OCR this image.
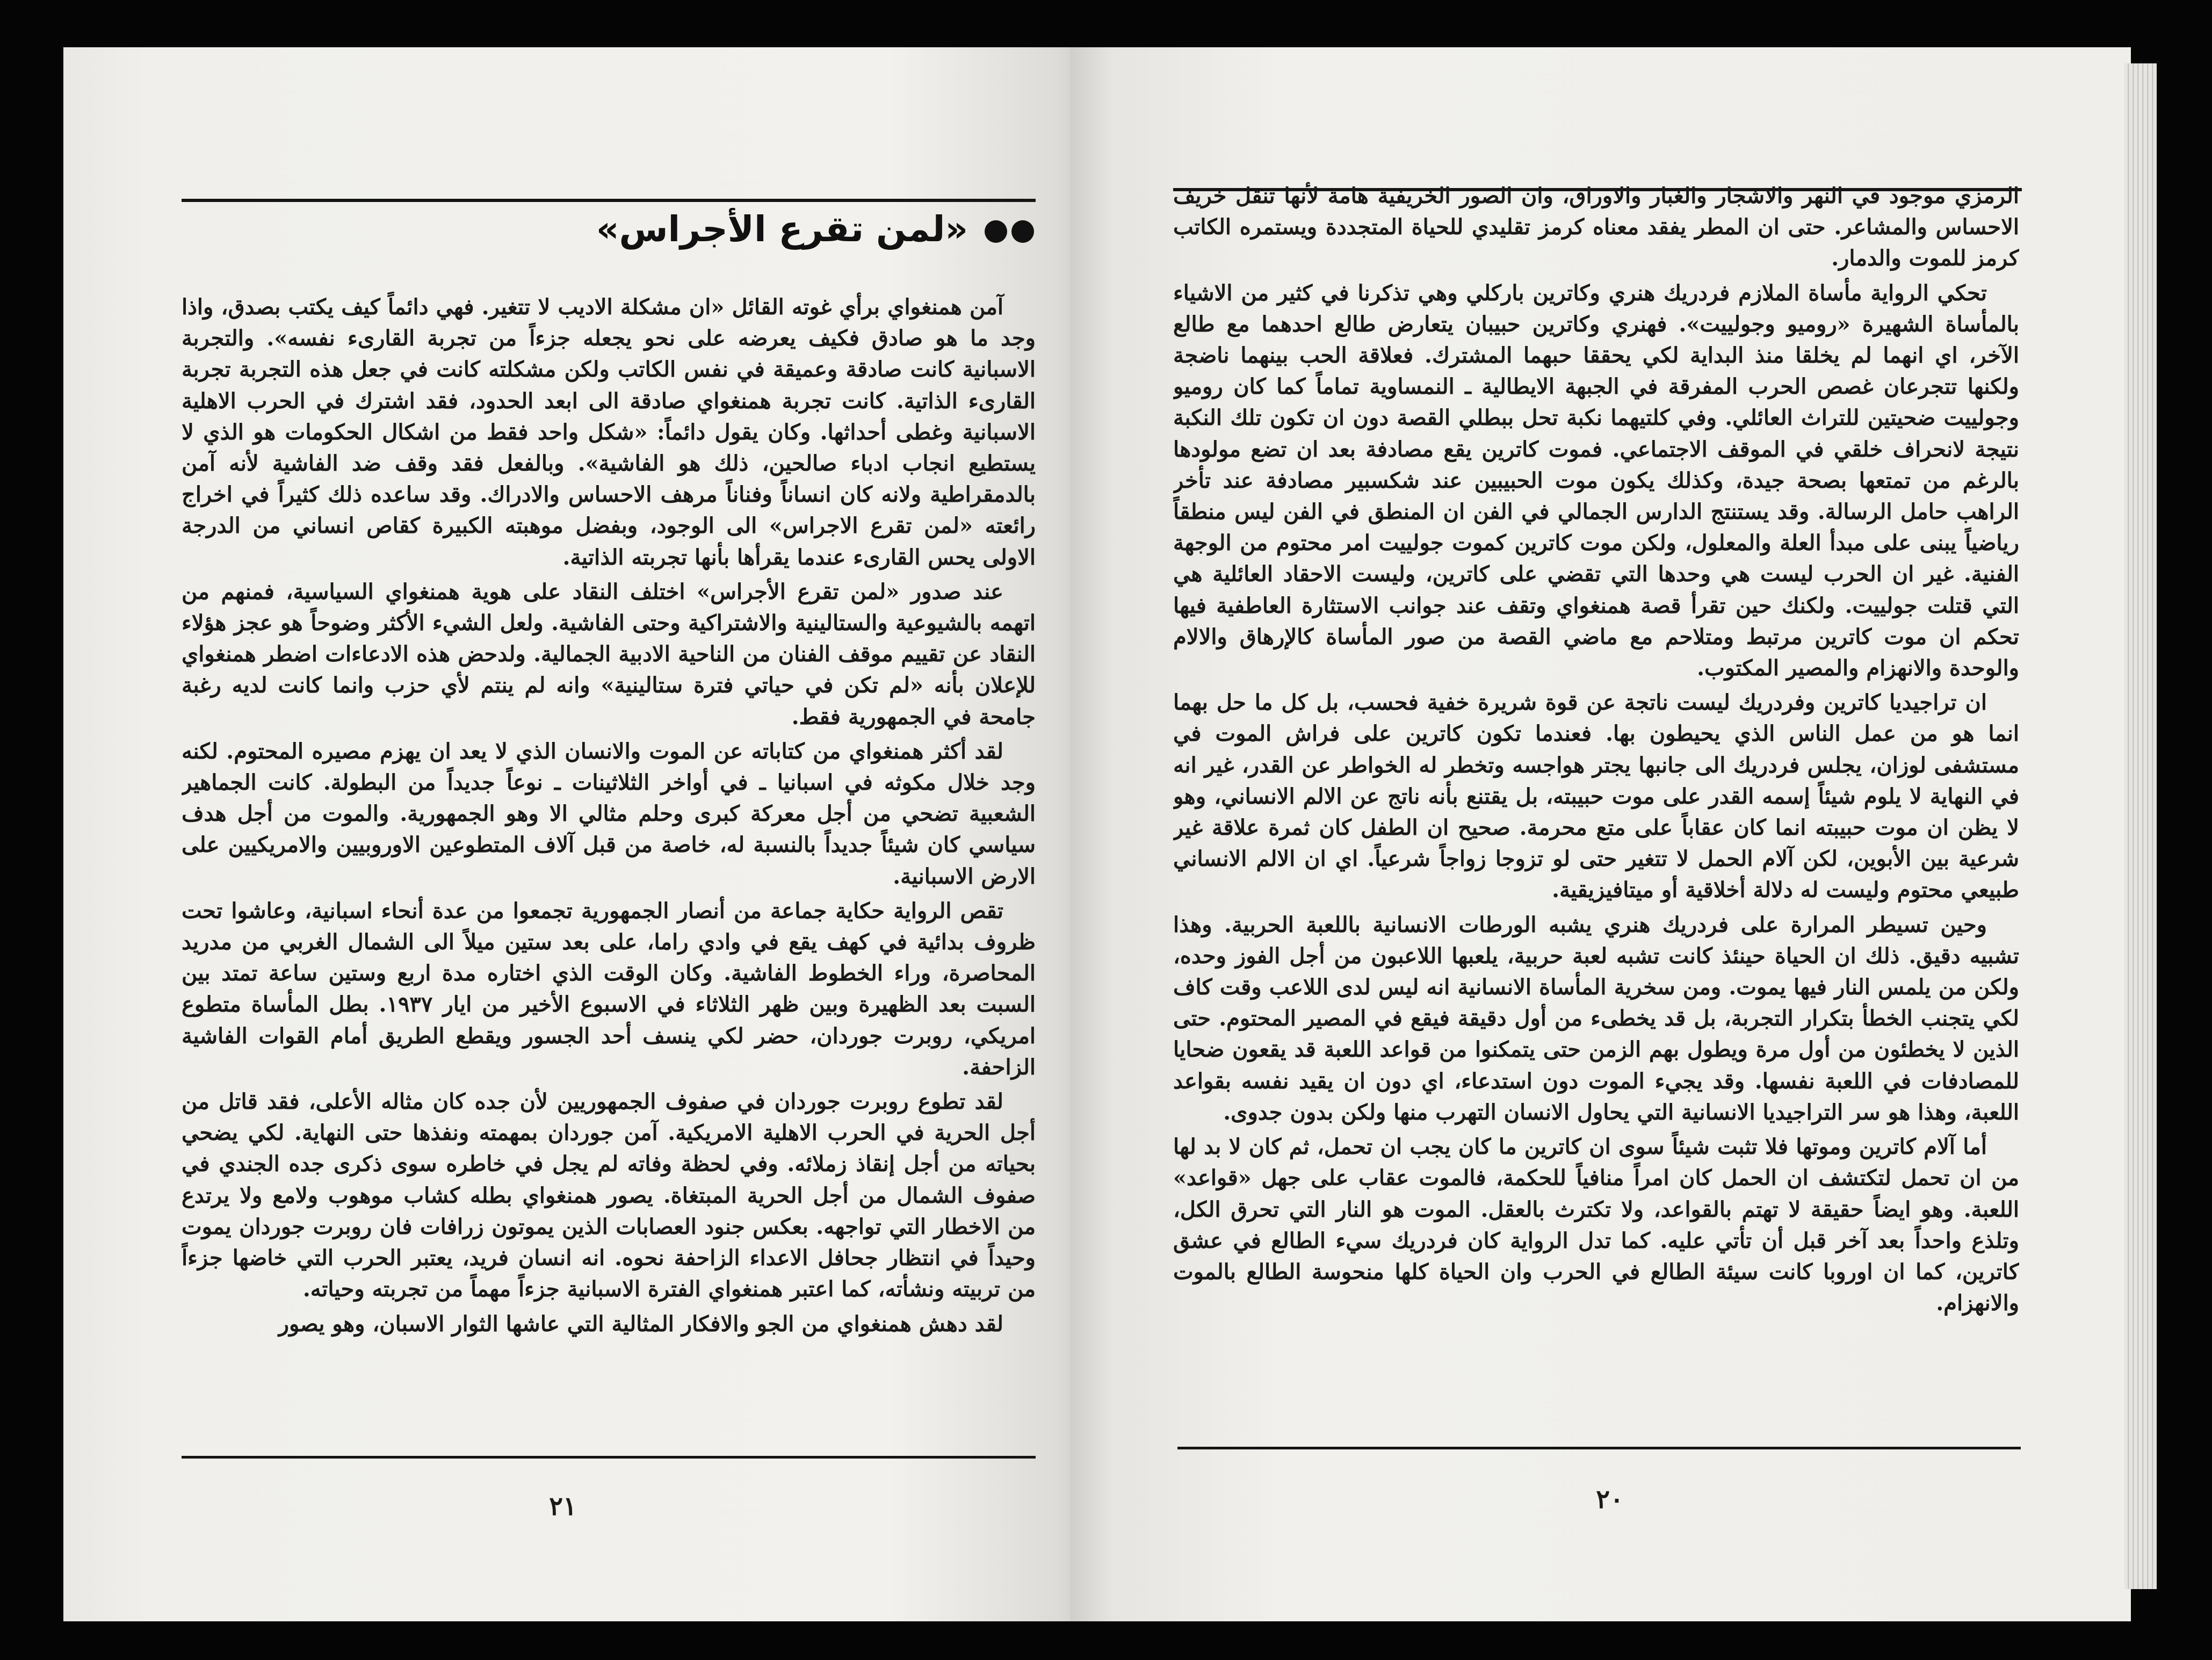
«لمن تقرع الأجراس»

آمن همنغواي برأي غوته القائل «ان مشكلة الاديب لا تتغير. فهي دائماً كيف يكتب بصدق، واذا وجد ما هو صادق فكيف يعرضه على نحو يجعله جزءاً من تجربة القارىء نفسه». والتجربة الاسبانية كانت صادقة وعميقة في نفس الكاتب ولكن مشكلته كانت في جعل هذه التجربة تجربة القارىء الذاتية. كانت تجربة همنغواي صادقة الى ابعد الحدود، فقد اشترك في الحرب الاهلية الاسبانية وغطى أحداثها. وكان يقول دائماً: «شكل واحد فقط من اشكال الحكومات هو الذي لا يستطيع انجاب ادباء صالحين، ذلك هو الفاشية». وبالفعل فقد وقف ضد الفاشية لأنه آمن بالدمقراطية ولانه كان انساناً وفناناً مرهف الاحساس والادراك. وقد ساعده ذلك كثيراً في اخراج رائعته «لمن تقرع الاجراس» الى الوجود، وبفضل موهبته الكبيرة كقاص انساني من الدرجة الاولى يحس القارىء عندما يقرأها بأنها تجربته الذاتية.

عند صدور «لمن تقرع الأجراس» اختلف النقاد على هوية همنغواي السياسية، فمنهم من اتهمه بالشيوعية والستالينية والاشتراكية وحتى الفاشية. ولعل الشيء الأكثر وضوحاً هو عجز هؤلاء النقاد عن تقييم موقف الفنان من الناحية الادبية الجمالية. ولدحض هذه الادعاءات اضطر همنغواي للإعلان بأنه «لم تكن في حياتي فترة ستالينية» وانه لم ينتم لأي حزب وانما كانت لديه رغبة جامحة في الجمهورية فقط.

لقد أكثر همنغواي من كتاباته عن الموت والانسان الذي لا يعد ان يهزم مصيره المحتوم. لكنه وجد خلال مكوثه في اسبانيا ـ في أواخر الثلاثينات ـ نوعاً جديداً من البطولة. كانت الجماهير الشعبية تضحي من أجل معركة كبرى وحلم مثالي الا وهو الجمهورية. والموت من أجل هدف سياسي كان شيئاً جديداً بالنسبة له، خاصة من قبل آلاف المتطوعين الاوروبيين والامريكيين على الارض الاسبانية.

تقص الرواية حكاية جماعة من أنصار الجمهورية تجمعوا من عدة أنحاء اسبانية، وعاشوا تحت ظروف بدائية في كهف يقع في وادي راما، على بعد ستين ميلاً الى الشمال الغربي من مدريد المحاصرة، وراء الخطوط الفاشية. وكان الوقت الذي اختاره مدة اربع وستين ساعة تمتد بين السبت بعد الظهيرة وبين ظهر الثلاثاء في الاسبوع الأخير من ايار ١٩٣٧. بطل المأساة متطوع امريكي، روبرت جوردان، حضر لكي ينسف أحد الجسور ويقطع الطريق أمام القوات الفاشية الزاحفة.

لقد تطوع روبرت جوردان في صفوف الجمهوريين لأن جده كان مثاله الأعلى، فقد قاتل من أجل الحرية في الحرب الاهلية الامريكية. آمن جوردان بمهمته ونفذها حتى النهاية. لكي يضحي بحياته من أجل إنقاذ زملائه. وفي لحظة وفاته لم يجل في خاطره سوى ذكرى جده الجندي في صفوف الشمال من أجل الحرية المبتغاة. يصور همنغواي بطله كشاب موهوب ولامع ولا يرتدع من الاخطار التي تواجهه. بعكس جنود العصابات الذين يموتون زرافات فان روبرت جوردان يموت وحيداً في انتظار جحافل الاعداء الزاحفة نحوه. انه انسان فريد، يعتبر الحرب التي خاضها جزءاً من تربيته ونشأته، كما اعتبر همنغواي الفترة الاسبانية جزءاً مهماً من تجربته وحياته.

لقد دهش همنغواي من الجو والافكار المثالية التي عاشها الثوار الاسبان، وهو يصور

٢١

الرمزي موجود في النهر والاشجار والغبار والاوراق، وان الصور الخريفية هامة لأنها تنقل خريف الاحساس والمشاعر. حتى ان المطر يفقد معناه كرمز تقليدي للحياة المتجددة ويستمره الكاتب كرمز للموت والدمار.

تحكي الرواية مأساة الملازم فردريك هنري وكاترين باركلي وهي تذكرنا في كثير من الاشياء بالمأساة الشهيرة «روميو وجولييت». فهنري وكاترين حبيبان يتعارض طالع احدهما مع طالع الآخر، اي انهما لم يخلقا منذ البداية لكي يحققا حبهما المشترك. فعلاقة الحب بينهما ناضجة ولكنها تتجرعان غصص الحرب المفرقة في الجبهة الايطالية ـ النمساوية تماماً كما كان روميو وجولييت ضحيتين للتراث العائلي. وفي كلتيهما نكبة تحل ببطلي القصة دون ان تكون تلك النكبة نتيجة لانحراف خلقي في الموقف الاجتماعي. فموت كاترين يقع مصادفة بعد ان تضع مولودها بالرغم من تمتعها بصحة جيدة، وكذلك يكون موت الحبيبين عند شكسبير مصادفة عند تأخر الراهب حامل الرسالة. وقد يستنتج الدارس الجمالي في الفن ان المنطق في الفن ليس منطقاً رياضياً يبنى على مبدأ العلة والمعلول، ولكن موت كاترين كموت جولييت امر محتوم من الوجهة الفنية. غير ان الحرب ليست هي وحدها التي تقضي على كاترين، وليست الاحقاد العائلية هي التي قتلت جولييت. ولكنك حين تقرأ قصة همنغواي وتقف عند جوانب الاستثارة العاطفية فيها تحكم ان موت كاترين مرتبط ومتلاحم مع ماضي القصة من صور المأساة كالإرهاق والالام والوحدة والانهزام والمصير المكتوب.

ان تراجيديا كاترين وفردريك ليست ناتجة عن قوة شريرة خفية فحسب، بل كل ما حل بهما انما هو من عمل الناس الذي يحيطون بها. فعندما تكون كاترين على فراش الموت في مستشفى لوزان، يجلس فردريك الى جانبها يجتر هواجسه وتخطر له الخواطر عن القدر، غير انه في النهاية لا يلوم شيئاً إسمه القدر على موت حبيبته، بل يقتنع بأنه ناتج عن الالم الانساني، وهو لا يظن ان موت حبيبته انما كان عقاباً على متع محرمة. صحيح ان الطفل كان ثمرة علاقة غير شرعية بين الأبوين، لكن آلام الحمل لا تتغير حتى لو تزوجا زواجاً شرعياً. اي ان الالم الانساني طبيعي محتوم وليست له دلالة أخلاقية أو ميتافيزيقية.

وحين تسيطر المرارة على فردريك هنري يشبه الورطات الانسانية باللعبة الحربية. وهذا تشبيه دقيق. ذلك ان الحياة حينئذ كانت تشبه لعبة حربية، يلعبها اللاعبون من أجل الفوز وحده، ولكن من يلمس النار فيها يموت. ومن سخرية المأساة الانسانية انه ليس لدى اللاعب وقت كاف لكي يتجنب الخطأ بتكرار التجربة، بل قد يخطىء من أول دقيقة فيقع في المصير المحتوم. حتى الذين لا يخطئون من أول مرة ويطول بهم الزمن حتى يتمكنوا من قواعد اللعبة قد يقعون ضحايا للمصادفات في اللعبة نفسها. وقد يجيء الموت دون استدعاء، اي دون ان يقيد نفسه بقواعد اللعبة، وهذا هو سر التراجيديا الانسانية التي يحاول الانسان التهرب منها ولكن بدون جدوى.

أما آلام كاترين وموتها فلا تثبت شيئاً سوى ان كاترين ما كان يجب ان تحمل، ثم كان لا بد لها من ان تحمل لتكتشف ان الحمل كان امراً منافياً للحكمة، فالموت عقاب على جهل «قواعد» اللعبة. وهو ايضاً حقيقة لا تهتم بالقواعد، ولا تكترث بالعقل. الموت هو النار التي تحرق الكل، وتلذع واحداً بعد آخر قبل أن تأتي عليه. كما تدل الرواية كان فردريك سيء الطالع في عشق كاترين، كما ان اوروبا كانت سيئة الطالع في الحرب وان الحياة كلها منحوسة الطالع بالموت والانهزام.

٢٠
